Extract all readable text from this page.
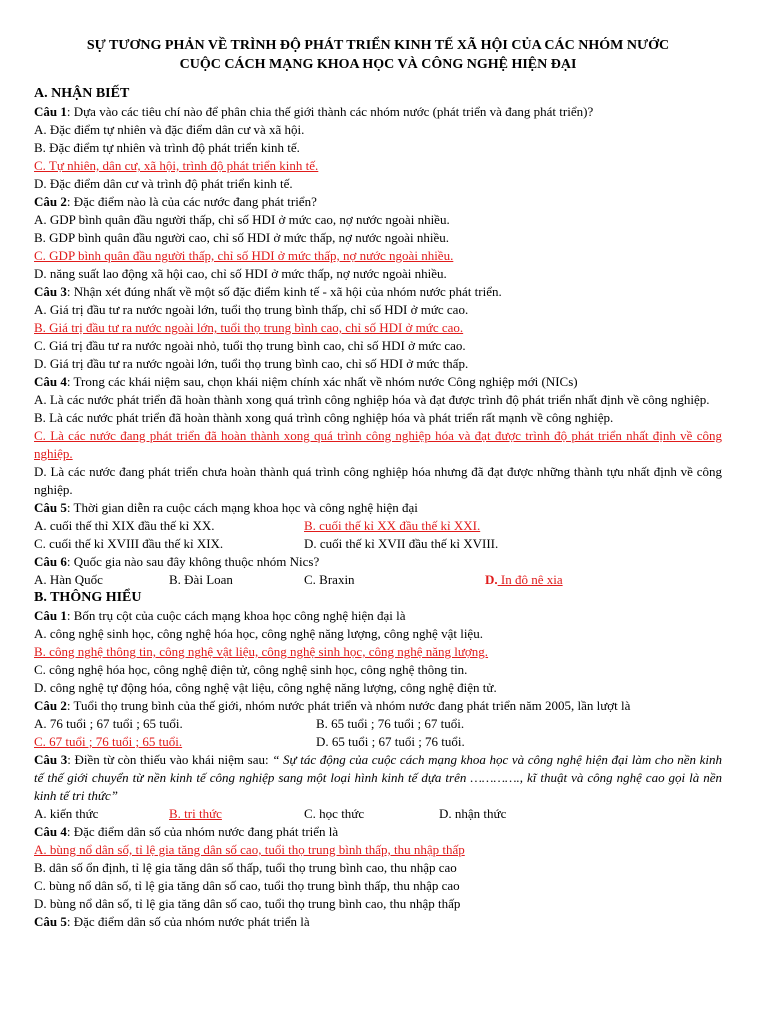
SỰ TƯƠNG PHẢN VỀ TRÌNH ĐỘ PHÁT TRIỂN KINH TẾ XÃ HỘI CỦA CÁC NHÓM NƯỚC
CUỘC CÁCH MẠNG KHOA HỌC VÀ CÔNG NGHỆ HIỆN ĐẠI
A. NHẬN BIẾT
Câu 1: Dựa vào các tiêu chí nào để phân chia thế giới thành các nhóm nước (phát triển và đang phát triển)?
A. Đặc điểm tự nhiên và đặc điểm dân cư và xã hội.
B. Đặc điểm tự nhiên và trình độ phát triển kinh tế.
C. Tự nhiên, dân cư, xã hội, trình độ phát triển kinh tế.
D. Đặc điểm dân cư và trình độ phát triển kinh tế.
Câu 2: Đặc điểm nào là của các nước đang phát triển?
A. GDP bình quân đầu người thấp, chỉ số HDI ở mức cao, nợ nước ngoài nhiều.
B. GDP bình quân đầu người cao, chỉ số HDI ở mức thấp, nợ nước ngoài nhiều.
C. GDP bình quân đầu người thấp, chỉ số HDI ở mức thấp, nợ nước ngoài nhiều.
D. năng suất lao động xã hội cao, chỉ số HDI ở mức thấp, nợ nước ngoài nhiều.
Câu 3: Nhận xét đúng nhất về một số đặc điểm kinh tế - xã hội của nhóm nước phát triển.
A. Giá trị đầu tư ra nước ngoài lớn, tuổi thọ trung bình thấp, chỉ số HDI ở mức cao.
B. Giá trị đầu tư ra nước ngoài lớn, tuổi thọ trung bình cao, chỉ số HDI ở mức cao.
C. Giá trị đầu tư ra nước ngoài nhỏ, tuổi thọ trung bình cao, chỉ số HDI ở mức cao.
D. Giá trị đầu tư ra nước ngoài lớn, tuổi thọ trung bình cao, chỉ số HDI ở mức thấp.
Câu 4: Trong các khái niệm sau, chọn khái niệm chính xác nhất về nhóm nước Công nghiệp mới (NICs)
A. Là các nước phát triển đã hoàn thành xong quá trình công nghiệp hóa và đạt được trình độ phát triển nhất định về công nghiệp.
B. Là các nước phát triển đã hoàn thành xong quá trình công nghiệp hóa và phát triển rất mạnh về công nghiệp.
C. Là các nước đang phát triển đã hoàn thành xong quá trình công nghiệp hóa và đạt được trình độ phát triển nhất định về công nghiệp.
D. Là các nước đang phát triển chưa hoàn thành quá trình công nghiệp hóa nhưng đã đạt được những thành tựu nhất định về công nghiệp.
Câu 5: Thời gian diễn ra cuộc cách mạng khoa học và công nghệ hiện đại
A. cuối thế thỉ XIX đầu thế kỉ XX.	B. cuối thế kỉ XX đầu thế kỉ XXI.
C. cuối thế kỉ XVIII đầu thế kỉ XIX.	D. cuối thế kỉ XVII đầu thế kỉ XVIII.
Câu 6: Quốc gia nào sau đây không thuộc nhóm Nics?
A. Hàn Quốc	B. Đài Loan	C. Braxin	D. In đô nê xia
B. THÔNG HIỂU
Câu 1: Bốn trụ cột của cuộc cách mạng khoa học công nghệ hiện đại là
A. công nghệ sinh học, công nghệ hóa học, công nghệ năng lượng, công nghệ vật liệu.
B. công nghệ thông tin, công nghệ vật liệu, công nghệ sinh học, công nghệ năng lượng.
C. công nghệ hóa học, công nghệ điện tử, công nghệ sinh học, công nghệ thông tin.
D. công nghệ tự động hóa, công nghệ vật liệu, công nghệ năng lượng, công nghệ điện tử.
Câu 2: Tuổi thọ trung bình của thế giới, nhóm nước phát triển và nhóm nước đang phát triển năm 2005, lần lượt là
A. 76 tuổi ; 67 tuổi ; 65 tuổi.	B. 65 tuổi ; 76 tuổi ; 67 tuổi.
C. 67 tuổi ; 76 tuổi ; 65 tuổi.	D. 65 tuổi ; 67 tuổi ; 76 tuổi.
Câu 3: Điền từ còn thiếu vào khái niệm sau: “ Sự tác động của cuộc cách mạng khoa học và công nghệ hiện đại làm cho nền kinh tế thế giới chuyển từ nền kinh tế công nghiệp sang một loại hình kinh tế dựa trên …………., kĩ thuật và công nghệ cao gọi là nền kinh tế tri thức”
A. kiến thức	B. tri thức	C. học thức	D. nhận thức
Câu 4: Đặc điểm dân số của nhóm nước đang phát triển là
A. bùng nổ dân số, tỉ lệ gia tăng dân số cao, tuổi thọ trung bình thấp, thu nhập thấp
B. dân số ổn định, tỉ lệ gia tăng dân số thấp, tuổi thọ trung bình cao, thu nhập cao
C. bùng nổ dân số, tỉ lệ gia tăng dân số cao, tuổi thọ trung bình thấp, thu nhập cao
D. bùng nổ dân số, tỉ lệ gia tăng dân số cao, tuổi thọ trung bình cao, thu nhập thấp
Câu 5: Đặc điểm dân số của nhóm nước phát triển là
